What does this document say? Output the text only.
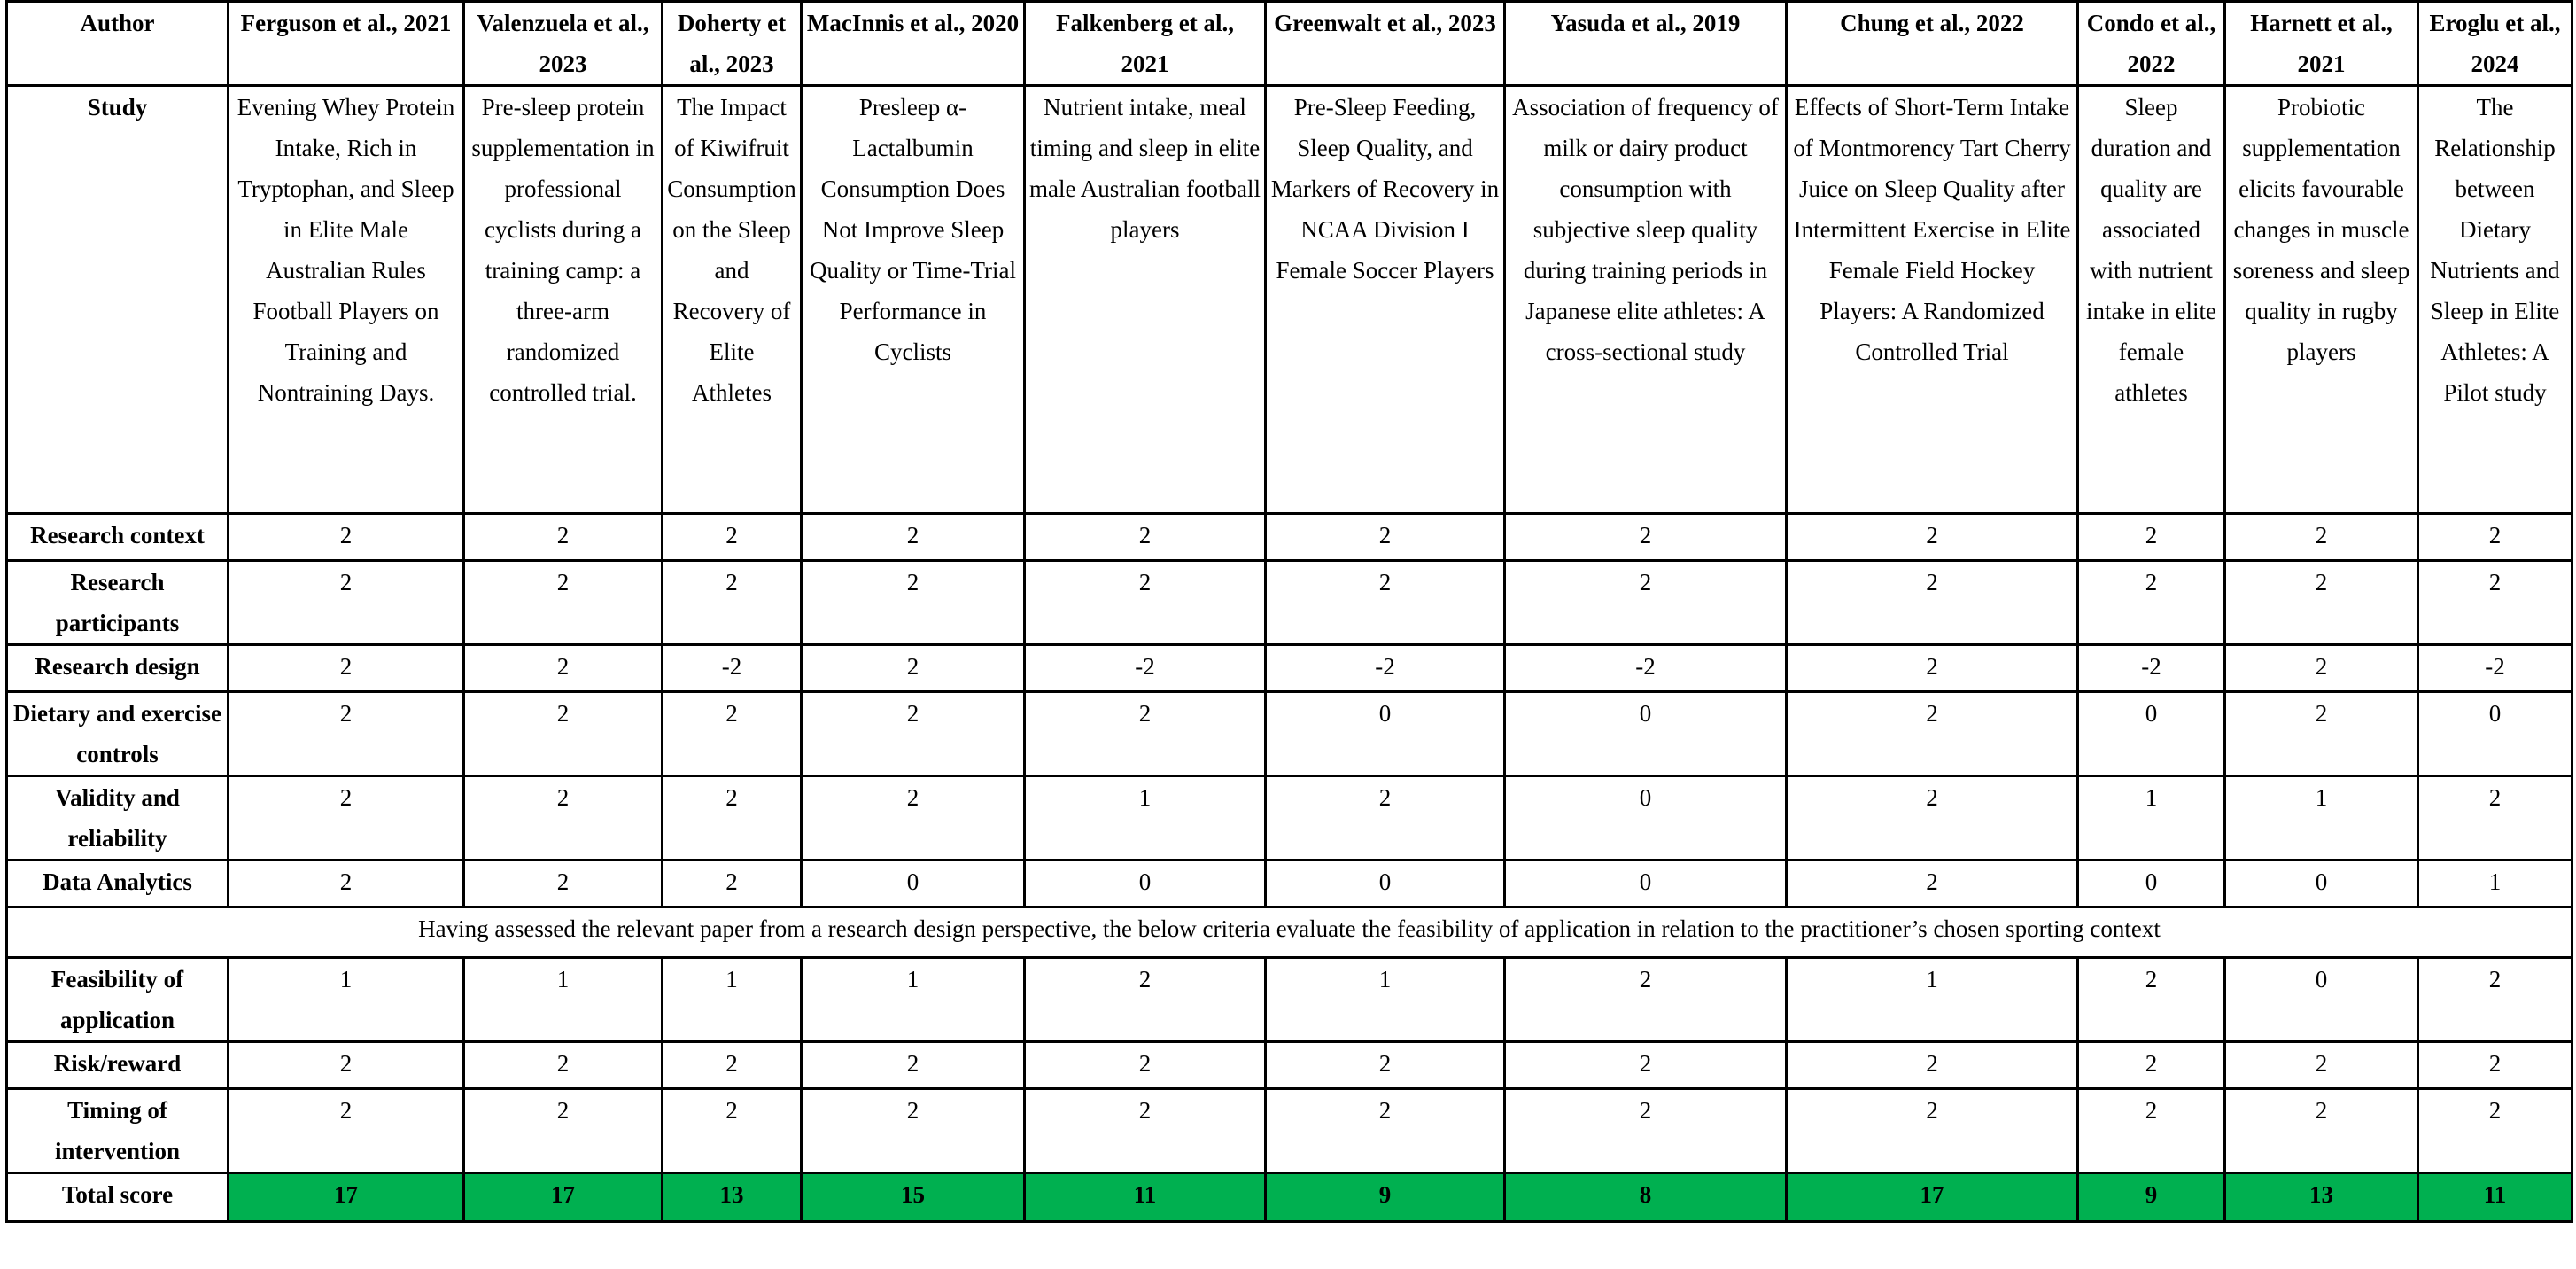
Author	Ferguson et al., 2021	Valenzuela et al., 2023	Doherty et al., 2023	MacInnis et al., 2020	Falkenberg et al., 2021	Greenwalt et al., 2023	Yasuda et al., 2019	Chung et al., 2022	Condo et al., 2022	Harnett et al., 2021	Eroglu et al., 2024
Study	Evening Whey Protein Intake, Rich in Tryptophan, and Sleep in Elite Male Australian Rules Football Players on Training and Nontraining Days.	Pre-sleep protein supplementation in professional cyclists during a training camp: a three-arm randomized controlled trial.	The Impact of Kiwifruit Consumption on the Sleep and Recovery of Elite Athletes	Presleep α-Lactalbumin Consumption Does Not Improve Sleep Quality or Time-Trial Performance in Cyclists	Nutrient intake, meal timing and sleep in elite male Australian football players	Pre-Sleep Feeding, Sleep Quality, and Markers of Recovery in NCAA Division I Female Soccer Players	Association of frequency of milk or dairy product consumption with subjective sleep quality during training periods in Japanese elite athletes: A cross-sectional study	Effects of Short-Term Intake of Montmorency Tart Cherry Juice on Sleep Quality after Intermittent Exercise in Elite Female Field Hockey Players: A Randomized Controlled Trial	Sleep duration and quality are associated with nutrient intake in elite female athletes	Probiotic supplementation elicits favourable changes in muscle soreness and sleep quality in rugby players	The Relationship between Dietary Nutrients and Sleep in Elite Athletes: A Pilot study
Research context	2	2	2	2	2	2	2	2	2	2	2
Research participants	2	2	2	2	2	2	2	2	2	2	2
Research design	2	2	-2	2	-2	-2	-2	2	-2	2	-2
Dietary and exercise controls	2	2	2	2	2	0	0	2	0	2	0
Validity and reliability	2	2	2	2	1	2	0	2	1	1	2
Data Analytics	2	2	2	0	0	0	0	2	0	0	1
Having assessed the relevant paper from a research design perspective, the below criteria evaluate the feasibility of application in relation to the practitioner’s chosen sporting context											
Feasibility of application	1	1	1	1	2	1	2	1	2	0	2
Risk/reward	2	2	2	2	2	2	2	2	2	2	2
Timing of intervention	2	2	2	2	2	2	2	2	2	2	2
Total score	17	17	13	15	11	9	8	17	9	13	11
